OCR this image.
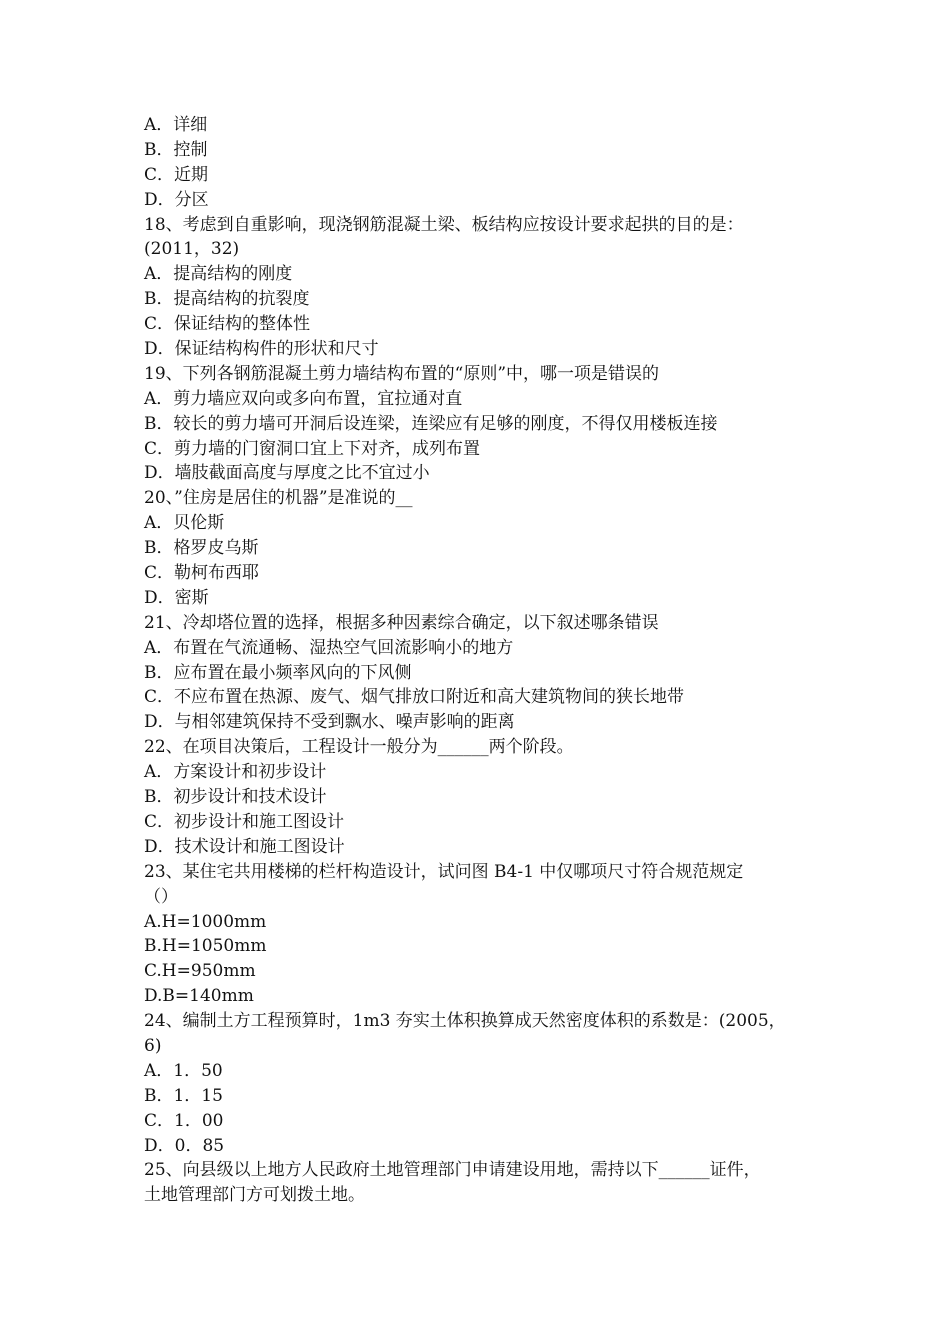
A．详细
B．控制
C．近期
D．分区
18、考虑到自重影响，现浇钢筋混凝土梁、板结构应按设计要求起拱的目的是：
(2011，32)
A．提高结构的刚度
B．提高结构的抗裂度
C．保证结构的整体性
D．保证结构构件的形状和尺寸
19、下列各钢筋混凝土剪力墙结构布置的“原则”中，哪一项是错误的
A．剪力墙应双向或多向布置，宜拉通对直
B．较长的剪力墙可开洞后设连梁，连梁应有足够的刚度，不得仅用楼板连接
C．剪力墙的门窗洞口宜上下对齐，成列布置
D．墙肢截面高度与厚度之比不宜过小
20、”住房是居住的机器”是准说的__
A．贝伦斯
B．格罗皮乌斯
C．勒柯布西耶
D．密斯
21、冷却塔位置的选择，根据多种因素综合确定，以下叙述哪条错误
A．布置在气流通畅、湿热空气回流影响小的地方
B．应布置在最小频率风向的下风侧
C．不应布置在热源、废气、烟气排放口附近和高大建筑物间的狭长地带
D．与相邻建筑保持不受到飘水、噪声影响的距离
22、在项目决策后，工程设计一般分为______两个阶段。
A．方案设计和初步设计
B．初步设计和技术设计
C．初步设计和施工图设计
D．技术设计和施工图设计
23、某住宅共用楼梯的栏杆构造设计，试问图 B4-1 中仅哪项尺寸符合规范规定
（）
A.H=1000mm
B.H=1050mm
C.H=950mm
D.B=140mm
24、编制土方工程预算时，1m3 夯实土体积换算成天然密度体积的系数是：(2005，
6)
A．1．50
B．1．15
C．1．00
D．0．85
25、向县级以上地方人民政府土地管理部门申请建设用地，需持以下______证件，
土地管理部门方可划拨土地。
